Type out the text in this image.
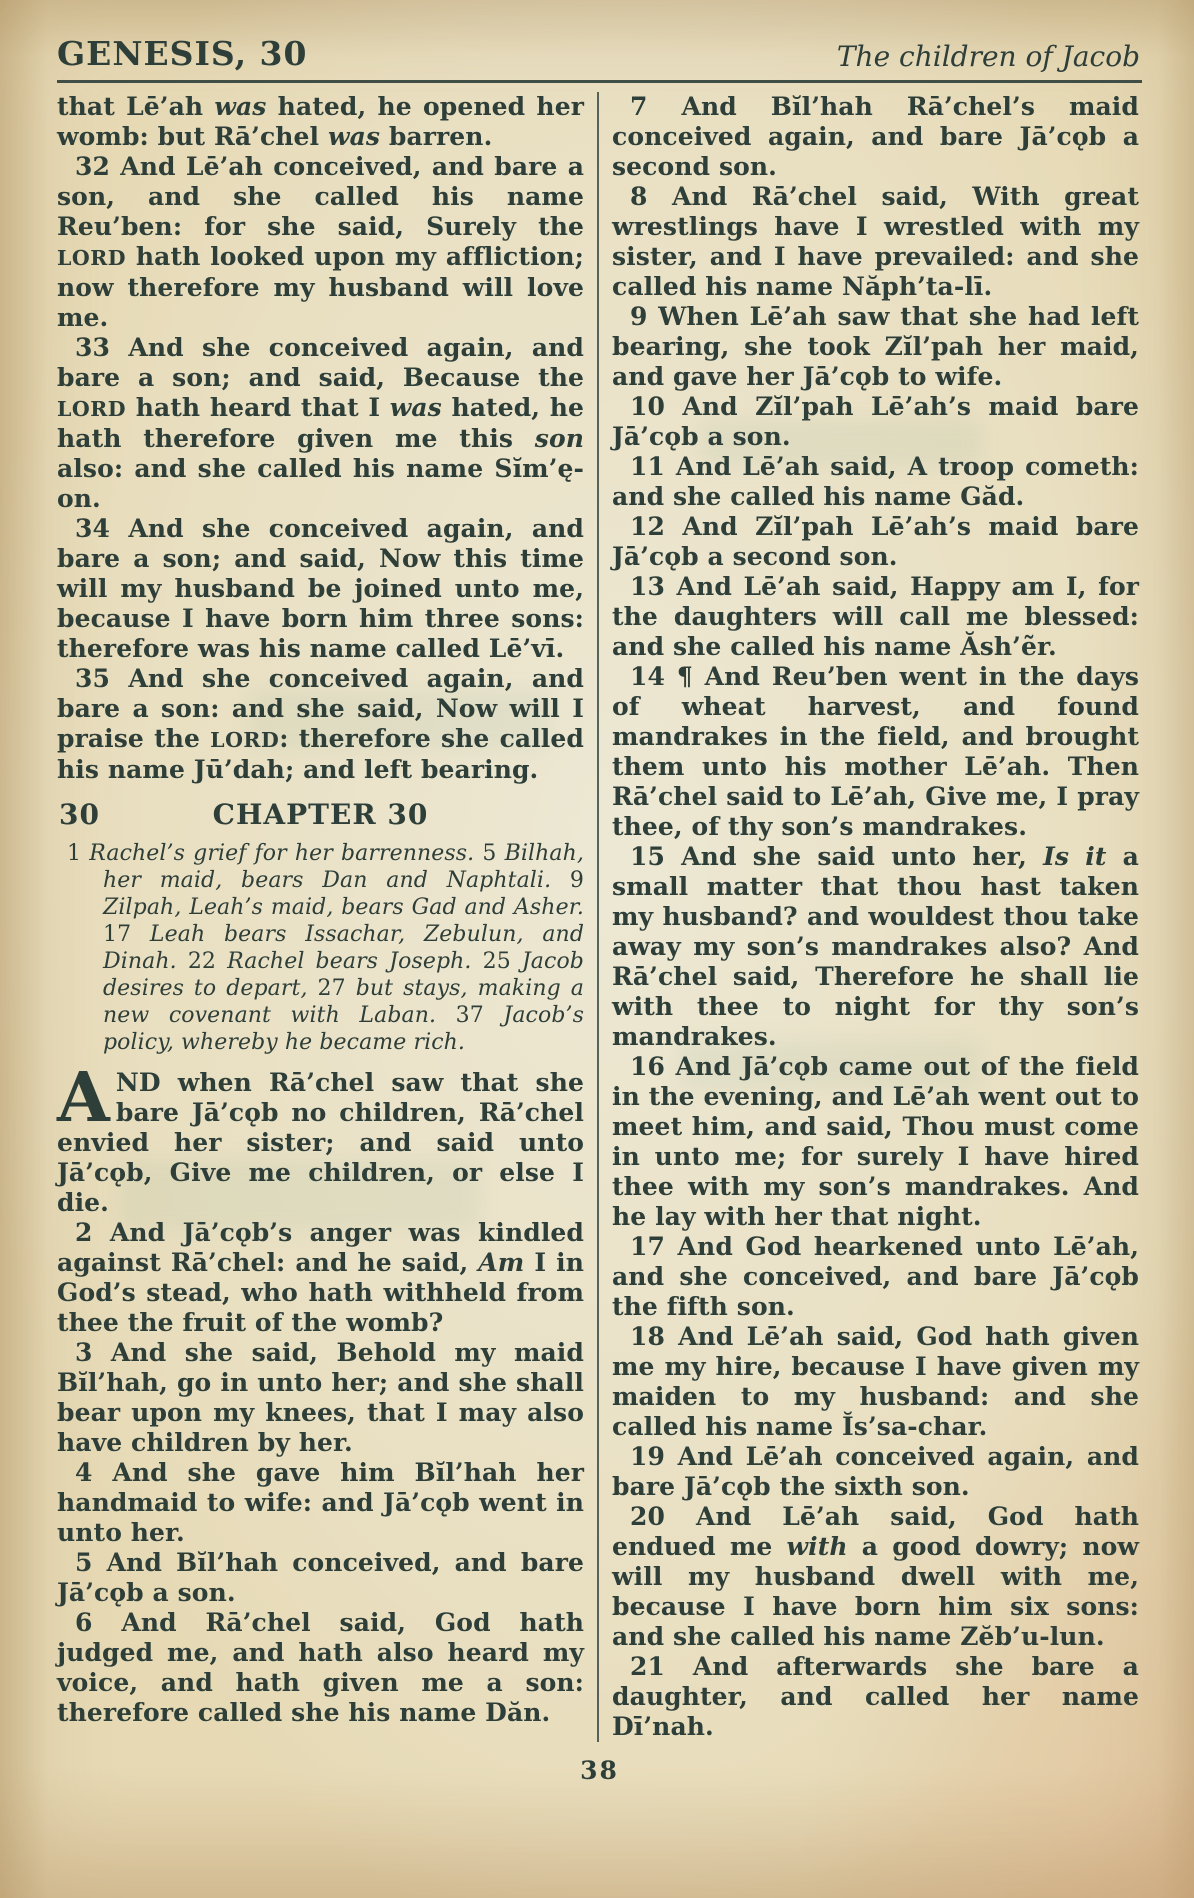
GENESIS, 30	The children of Jacob

that Lē’ah was hated, he opened her womb: but Rā’chel was barren.

32 And Lē’ah conceived, and bare a son, and she called his name Reu’ben: for she said, Surely the LORD hath looked upon my affliction; now therefore my husband will love me.

33 And she conceived again, and bare a son; and said, Because the LORD hath heard that I was hated, he hath therefore given me this son also: and she called his name Sĭm’ę-on.

34 And she conceived again, and bare a son; and said, Now this time will my husband be joined unto me, because I have born him three sons: therefore was his name called Lē’vī.

35 And she conceived again, and bare a son: and she said, Now will I praise the LORD: therefore she called his name Jū’dah; and left bearing.

30	CHAPTER 30

1 Rachel’s grief for her barrenness. 5 Bilhah, her maid, bears Dan and Naphtali. 9 Zilpah, Leah’s maid, bears Gad and Asher. 17 Leah bears Issachar, Zebulun, and Dinah. 22 Rachel bears Joseph. 25 Jacob desires to depart, 27 but stays, making a new covenant with Laban. 37 Jacob’s policy, whereby he became rich.

AND when Rā’chel saw that she bare Jā’cǫb no children, Rā’chel envied her sister; and said unto Jā’cǫb, Give me children, or else I die.

2 And Jā’cǫb’s anger was kindled against Rā’chel: and he said, Am I in God’s stead, who hath withheld from thee the fruit of the womb?

3 And she said, Behold my maid Bĭl’hah, go in unto her; and she shall bear upon my knees, that I may also have children by her.

4 And she gave him Bĭl’hah her handmaid to wife: and Jā’cǫb went in unto her.

5 And Bĭl’hah conceived, and bare Jā’cǫb a son.

6 And Rā’chel said, God hath judged me, and hath also heard my voice, and hath given me a son: therefore called she his name Dăn.

7 And Bĭl’hah Rā’chel’s maid conceived again, and bare Jā’cǫb a second son.

8 And Rā’chel said, With great wrestlings have I wrestled with my sister, and I have prevailed: and she called his name Năph’ta-lī.

9 When Lē’ah saw that she had left bearing, she took Zĭl’pah her maid, and gave her Jā’cǫb to wife.

10 And Zĭl’pah Lē’ah’s maid bare Jā’cǫb a son.

11 And Lē’ah said, A troop cometh: and she called his name Găd.

12 And Zĭl’pah Lē’ah’s maid bare Jā’cǫb a second son.

13 And Lē’ah said, Happy am I, for the daughters will call me blessed: and she called his name Ăsh’ẽr.

14 ¶ And Reu’ben went in the days of wheat harvest, and found mandrakes in the field, and brought them unto his mother Lē’ah. Then Rā’chel said to Lē’ah, Give me, I pray thee, of thy son’s mandrakes.

15 And she said unto her, Is it a small matter that thou hast taken my husband? and wouldest thou take away my son’s mandrakes also? And Rā’chel said, Therefore he shall lie with thee to night for thy son’s mandrakes.

16 And Jā’cǫb came out of the field in the evening, and Lē’ah went out to meet him, and said, Thou must come in unto me; for surely I have hired thee with my son’s mandrakes. And he lay with her that night.

17 And God hearkened unto Lē’ah, and she conceived, and bare Jā’cǫb the fifth son.

18 And Lē’ah said, God hath given me my hire, because I have given my maiden to my husband: and she called his name Ĭs’sa-char.

19 And Lē’ah conceived again, and bare Jā’cǫb the sixth son.

20 And Lē’ah said, God hath endued me with a good dowry; now will my husband dwell with me, because I have born him six sons: and she called his name Zĕb’u-lun.

21 And afterwards she bare a daughter, and called her name Dī’nah.

38
